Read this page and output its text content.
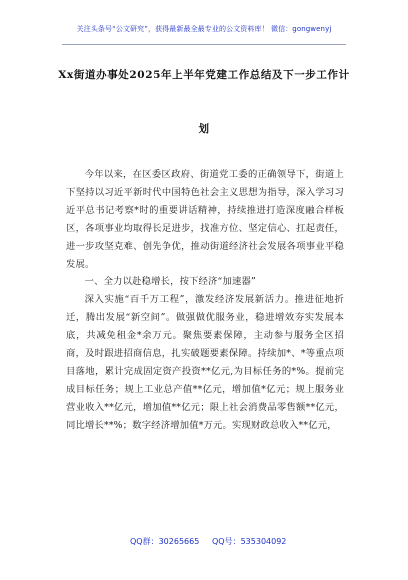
关注头条号“公文研究”，获得最新最全最专业的公文资料库！ 微信：gongwenyj
Xx街道办事处2025年上半年党建工作总结及下一步工作计
划

今年以来，在区委区政府、街道党工委的正确领导下，街道上下坚持以习近平新时代中国特色社会主义思想为指导，深入学习习近平总书记考察*时的重要讲话精神，持续推进打造深度融合样板区，各项事业均取得长足进步，找准方位、坚定信心、扛起责任，进一步攻坚克难、创先争优，推动街道经济社会发展各项事业平稳发展。

一、全力以赴稳增长，按下经济“加速器”

深入实施“百千万工程”，激发经济发展新活力。推进征地折迁，腾出发展“新空间”。做强做优服务业，稳进增效夯实发展本底，共减免租金*余万元。聚焦要素保障，主动参与服务全区招商，及时跟进招商信息，扎实破题要素保障。持续加*、*等重点项目落地，累计完成固定资产投资**亿元,为目标任务的*%。提前完成目标任务；规上工业总产值**亿元，增加值*亿元；规上服务业营业收入**亿元，增加值**亿元；限上社会消费品零售额**亿元，同比增长**%；数字经济增加值*万元。实现财政总收入**亿元，

QQ群：30265665 QQ号：535304092
